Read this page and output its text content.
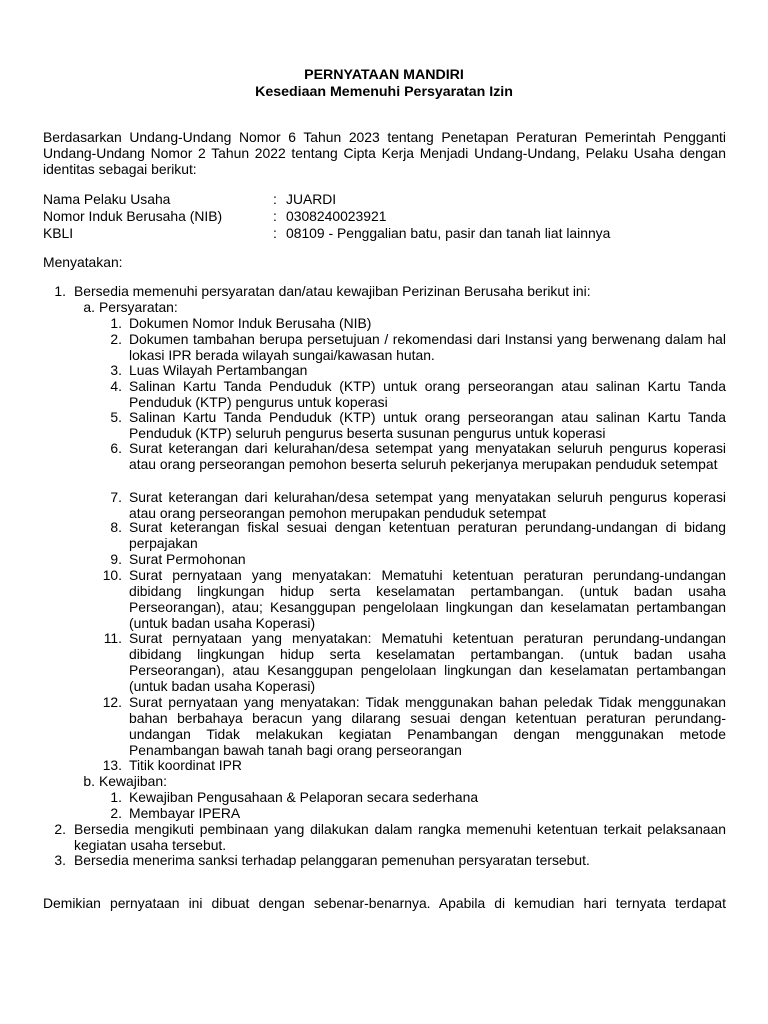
PERNYATAAN MANDIRI
Kesediaan Memenuhi Persyaratan Izin
Berdasarkan Undang-Undang Nomor 6 Tahun 2023 tentang Penetapan Peraturan Pemerintah Pengganti Undang-Undang Nomor 2 Tahun 2022 tentang Cipta Kerja Menjadi Undang-Undang, Pelaku Usaha dengan identitas sebagai berikut:
Nama Pelaku Usaha	: JUARDI
Nomor Induk Berusaha (NIB)	: 0308240023921
KBLI	: 08109 - Penggalian batu, pasir dan tanah liat lainnya
Menyatakan:
1. Bersedia memenuhi persyaratan dan/atau kewajiban Perizinan Berusaha berikut ini:
a. Persyaratan:
1. Dokumen Nomor Induk Berusaha (NIB)
2. Dokumen tambahan berupa persetujuan / rekomendasi dari Instansi yang berwenang dalam hal lokasi IPR berada wilayah sungai/kawasan hutan.
3. Luas Wilayah Pertambangan
4. Salinan Kartu Tanda Penduduk (KTP) untuk orang perseorangan atau salinan Kartu Tanda Penduduk (KTP) pengurus untuk koperasi
5. Salinan Kartu Tanda Penduduk (KTP) untuk orang perseorangan atau salinan Kartu Tanda Penduduk (KTP) seluruh pengurus beserta susunan pengurus untuk koperasi
6. Surat keterangan dari kelurahan/desa setempat yang menyatakan seluruh pengurus koperasi atau orang perseorangan pemohon beserta seluruh pekerjanya merupakan penduduk setempat
7. Surat keterangan dari kelurahan/desa setempat yang menyatakan seluruh pengurus koperasi atau orang perseorangan pemohon merupakan penduduk setempat
8. Surat keterangan fiskal sesuai dengan ketentuan peraturan perundang-undangan di bidang perpajakan
9. Surat Permohonan
10. Surat pernyataan yang menyatakan: Mematuhi ketentuan peraturan perundang-undangan dibidang lingkungan hidup serta keselamatan pertambangan. (untuk badan usaha Perseorangan), atau; Kesanggupan pengelolaan lingkungan dan keselamatan pertambangan (untuk badan usaha Koperasi)
11. Surat pernyataan yang menyatakan: Mematuhi ketentuan peraturan perundang-undangan dibidang lingkungan hidup serta keselamatan pertambangan. (untuk badan usaha Perseorangan), atau Kesanggupan pengelolaan lingkungan dan keselamatan pertambangan (untuk badan usaha Koperasi)
12. Surat pernyataan yang menyatakan: Tidak menggunakan bahan peledak Tidak menggunakan bahan berbahaya beracun yang dilarang sesuai dengan ketentuan peraturan perundang-undangan Tidak melakukan kegiatan Penambangan dengan menggunakan metode Penambangan bawah tanah bagi orang perseorangan
13. Titik koordinat IPR
b. Kewajiban:
1. Kewajiban Pengusahaan & Pelaporan secara sederhana
2. Membayar IPERA
2. Bersedia mengikuti pembinaan yang dilakukan dalam rangka memenuhi ketentuan terkait pelaksanaan kegiatan usaha tersebut.
3. Bersedia menerima sanksi terhadap pelanggaran pemenuhan persyaratan tersebut.
Demikian pernyataan ini dibuat dengan sebenar-benarnya. Apabila di kemudian hari ternyata terdapat
